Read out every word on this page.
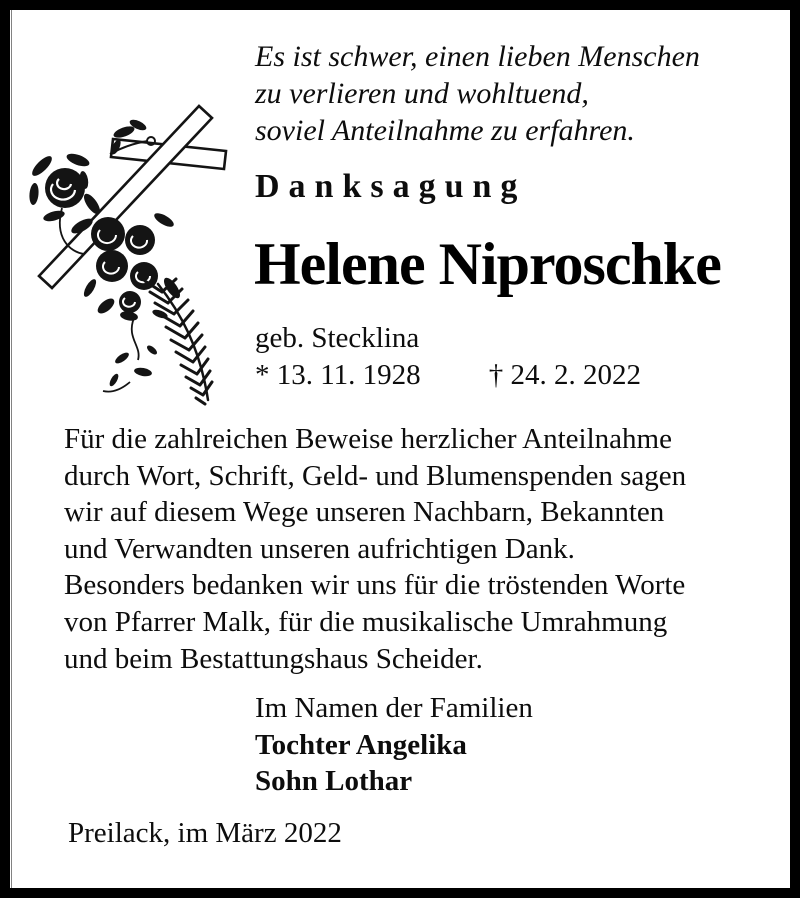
Es ist schwer, einen lieben Menschen
zu verlieren und wohltuend,
soviel Anteilnahme zu erfahren.
Danksagung
Helene Niproschke
geb. Stecklina
* 13. 11. 1928 † 24. 2. 2022
Für die zahlreichen Beweise herzlicher Anteilnahme
durch Wort, Schrift, Geld- und Blumenspenden sagen
wir auf diesem Wege unseren Nachbarn, Bekannten
und Verwandten unseren aufrichtigen Dank.
Besonders bedanken wir uns für die tröstenden Worte
von Pfarrer Malk, für die musikalische Umrahmung
und beim Bestattungshaus Scheider.
Im Namen der Familien
Tochter Angelika
Sohn Lothar
Preilack, im März 2022
